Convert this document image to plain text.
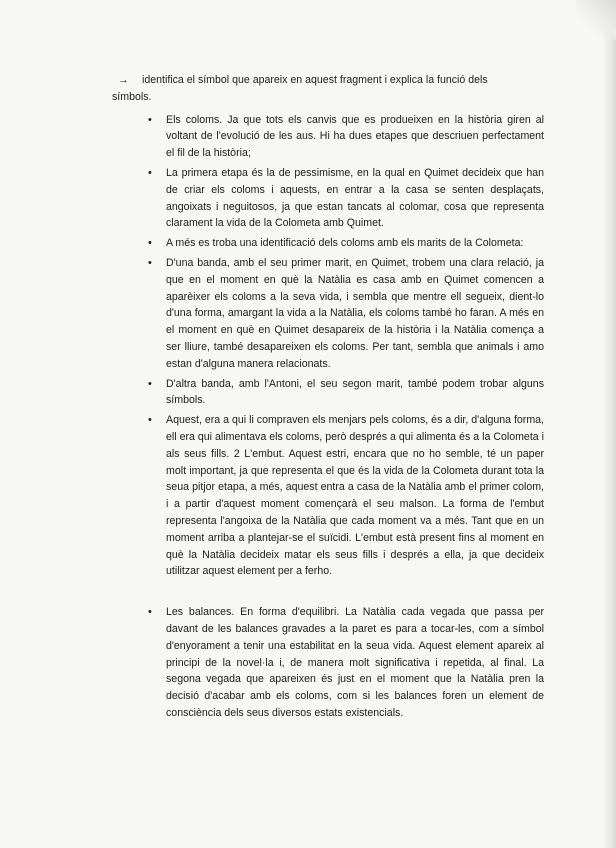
→ identifica el símbol que apareix en aquest fragment i explica la funció dels
símbols.
• Els coloms. Ja que tots els canvis que es produeixen en la història giren al voltant de l'evolució de les aus. Hi ha dues etapes que descriuen perfectament el fil de la història;
• La primera etapa és la de pessimisme, en la qual en Quimet decideix que han de criar els coloms i aquests, en entrar a la casa se senten desplaçats, angoixats i neguitosos, ja que estan tancats al colomar, cosa que representa clarament la vida de la Colometa amb Quimet.
• A més es troba una identificació dels coloms amb els marits de la Colometa:
• D'una banda, amb el seu primer marit, en Quimet, trobem una clara relació, ja que en el moment en què la Natàlia es casa amb en Quimet comencen a aparèixer els coloms a la seva vida, i sembla que mentre ell segueix, dient-lo d'una forma, amargant la vida a la Natàlia, els coloms també ho faran. A més en el moment en què en Quimet desapareix de la història i la Natàlia comença a ser lliure, també desapareixen els coloms. Per tant, sembla que animals i amo estan d'alguna manera relacionats.
• D'altra banda, amb l'Antoni, el seu segon marit, també podem trobar alguns símbols.
• Aquest, era a qui li compraven els menjars pels coloms, és a dir, d'alguna forma, ell era qui alimentava els coloms, però després a qui alimenta és a la Colometa i als seus fills. 2 L'embut. Aquest estri, encara que no ho semble, té un paper molt important, ja que representa el que és la vida de la Colometa durant tota la seua pitjor etapa, a més, aquest entra a casa de la Natàlia amb el primer colom, i a partir d'aquest moment començarà el seu malson. La forma de l'embut representa l'angoixa de la Natàlia que cada moment va a més. Tant que en un moment arriba a plantejar-se el suïcidi. L'embut està present fins al moment en què la Natàlia decideix matar els seus fills i després a ella, ja que decideix utilitzar aquest element per a ferho.
• Les balances. En forma d'equilibri. La Natàlia cada vegada que passa per davant de les balances gravades a la paret es para a tocar-les, com a símbol d'enyorament a tenir una estabilitat en la seua vida. Aquest element apareix al principi de la novel·la i, de manera molt significativa i repetida, al final. La segona vegada que apareixen és just en el moment que la Natàlia pren la decisió d'acabar amb els coloms, com si les balances foren un element de consciència dels seus diversos estats existencials.
